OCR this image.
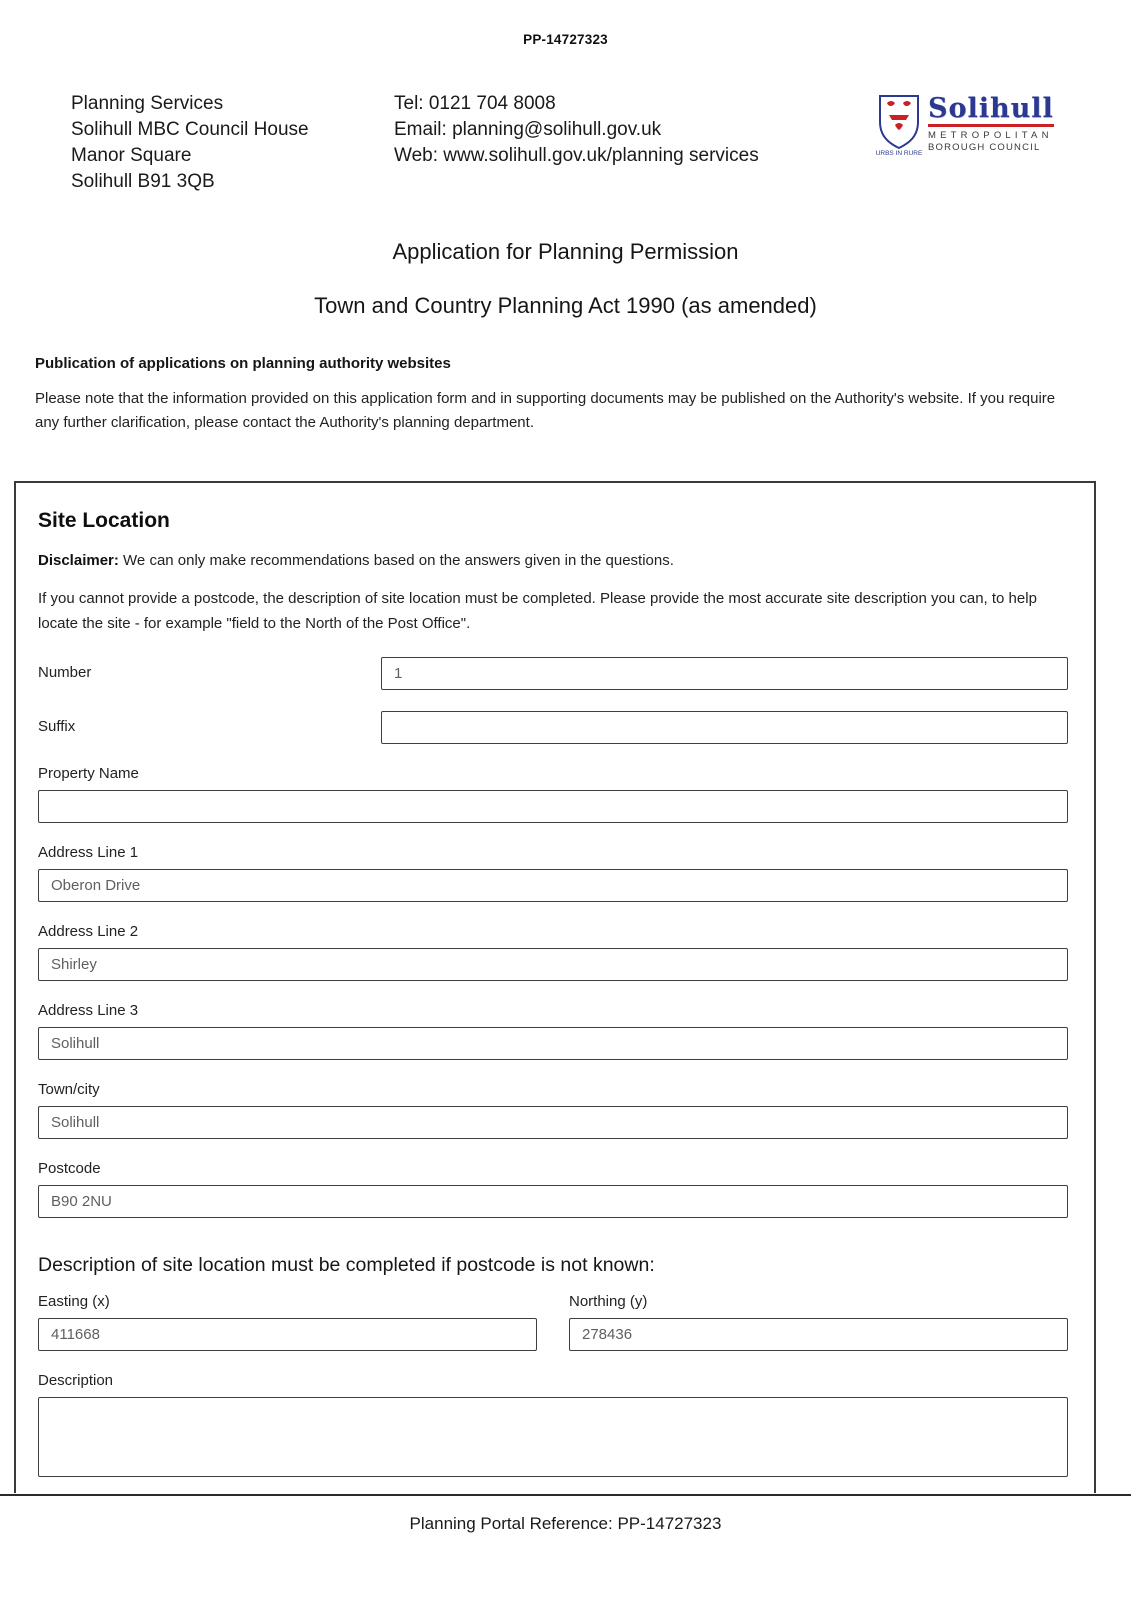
PP-14727323
Planning Services
Solihull MBC Council House
Manor Square
Solihull B91 3QB
Tel: 0121 704 8008
Email: planning@solihull.gov.uk
Web: www.solihull.gov.uk/planning services	URBS IN RURE
Solihull
METROPOLITAN
BOROUGH COUNCIL
Application for Planning Permission
Town and Country Planning Act 1990 (as amended)
Publication of applications on planning authority websites

Please note that the information provided on this application form and in supporting documents may be published on the Authority's website. If you require any further clarification, please contact the Authority's planning department.

Site Location

Disclaimer: We can only make recommendations based on the answers given in the questions.

If you cannot provide a postcode, the description of site location must be completed. Please provide the most accurate site description you can, to help locate the site - for example "field to the North of the Post Office".

Number
1
Suffix
Property Name
Address Line 1
Oberon Drive
Address Line 2
Shirley
Address Line 3
Solihull
Town/city
Solihull
Postcode
B90 2NU
Description of site location must be completed if postcode is not known:
Easting (x)
411668	Northing (y)
278436
Description
Planning Portal Reference: PP-14727323
